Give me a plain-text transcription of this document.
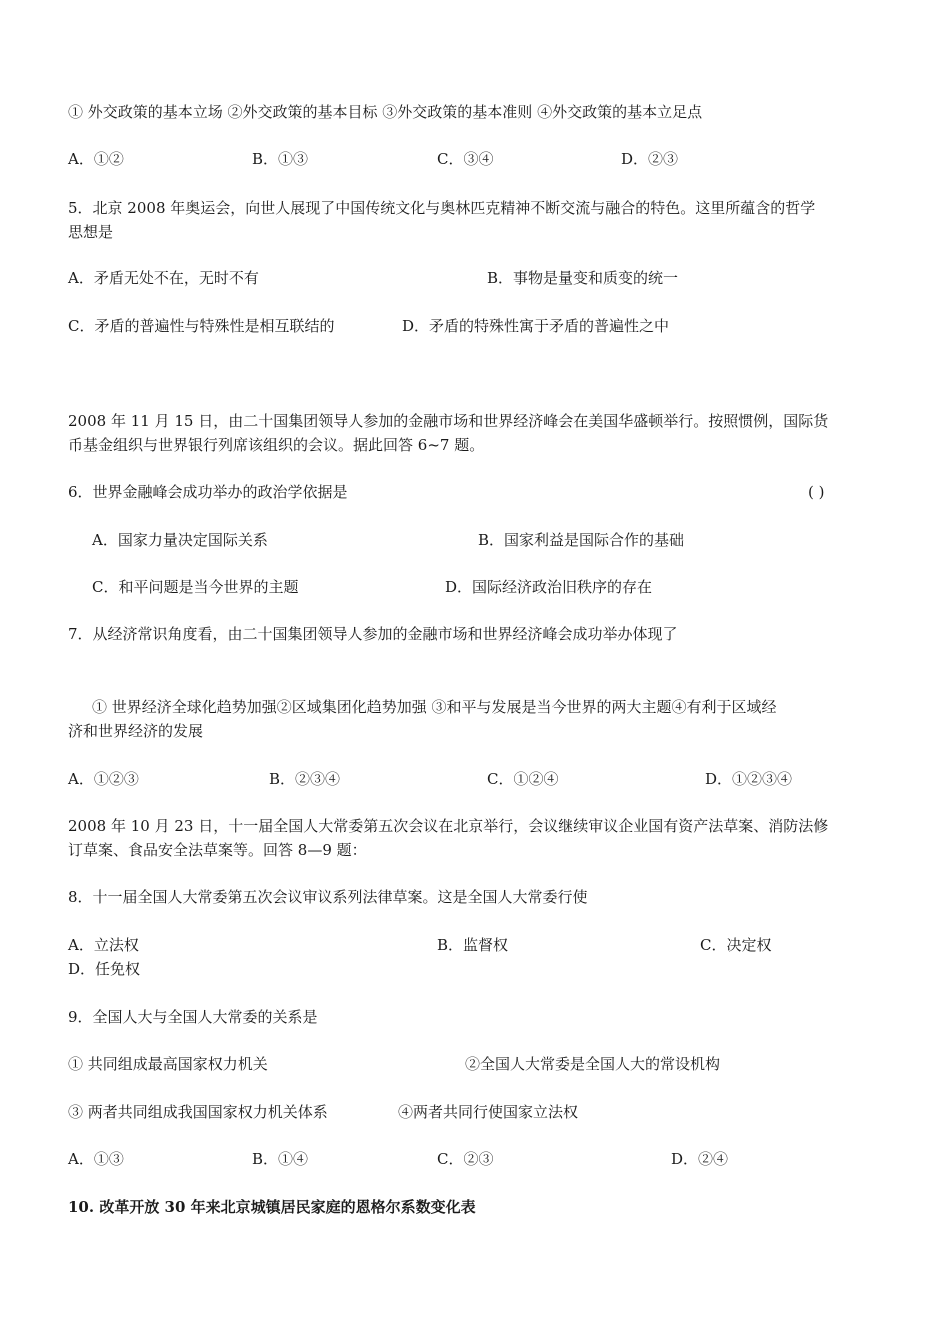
① 外交政策的基本立场 ②外交政策的基本目标 ③外交政策的基本准则 ④外交政策的基本立足点
A．①②	B．①③	C．③④	D．②③
5．北京 2008 年奥运会，向世人展现了中国传统文化与奥林匹克精神不断交流与融合的特色。这里所蕴含的哲学
思想是
A．矛盾无处不在，无时不有	B．事物是量变和质变的统一
C．矛盾的普遍性与特殊性是相互联结的	D．矛盾的特殊性寓于矛盾的普遍性之中
2008 年 11 月 15 日，由二十国集团领导人参加的金融市场和世界经济峰会在美国华盛顿举行。按照惯例，国际货
币基金组织与世界银行列席该组织的会议。据此回答 6~7 题。
6．世界金融峰会成功举办的政治学依据是	( )
A．国家力量决定国际关系	B．国家利益是国际合作的基础
C．和平问题是当今世界的主题	D．国际经济政治旧秩序的存在
7．从经济常识角度看，由二十国集团领导人参加的金融市场和世界经济峰会成功举办体现了
① 世界经济全球化趋势加强②区域集团化趋势加强 ③和平与发展是当今世界的两大主题④有利于区域经
济和世界经济的发展
A．①②③	B．②③④	C．①②④	D．①②③④
2008 年 10 月 23 日，十一届全国人大常委第五次会议在北京举行，会议继续审议企业国有资产法草案、消防法修
订草案、食品安全法草案等。回答 8—9 题：
8．十一届全国人大常委第五次会议审议系列法律草案。这是全国人大常委行使
A．立法权	B．监督权	C．决定权
D．任免权
9．全国人大与全国人大常委的关系是
① 共同组成最高国家权力机关	②全国人大常委是全国人大的常设机构
③ 两者共同组成我国国家权力机关体系	④两者共同行使国家立法权
A．①③	B．①④	C．②③	D．②④
10. 改革开放 30 年来北京城镇居民家庭的恩格尔系数变化表
